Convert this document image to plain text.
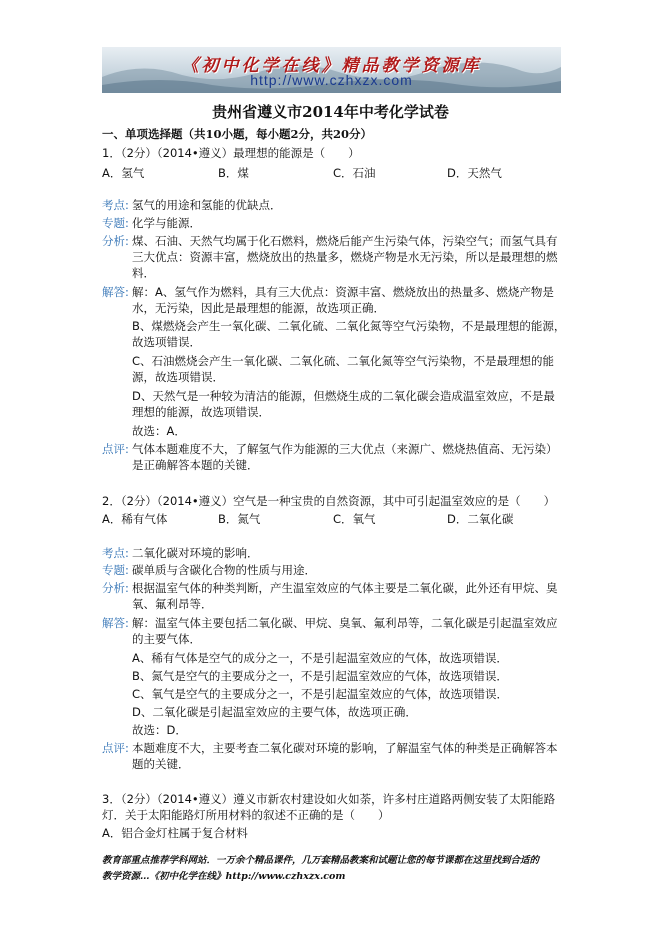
《初中化学在线》精品教学资源库
http://www.czhxzx.com
贵州省遵义市2014年中考化学试卷
一、单项选择题（共10小题，每小题2分，共20分）
1．（2分）（2014•遵义）最理想的能源是（　　）
A．氢气	B．煤	C．石油	D．天然气
考点: 氢气的用途和氢能的优缺点．
专题: 化学与能源．
分析: 煤、石油、天然气均属于化石燃料，燃烧后能产生污染气体，污染空气；而氢气具有
三大优点：资源丰富，燃烧放出的热量多，燃烧产物是水无污染，所以是最理想的燃
料．
解答: 解：A、氢气作为燃料，具有三大优点：资源丰富、燃烧放出的热量多、燃烧产物是
水，无污染，因此是最理想的能源，故选项正确．
B、煤燃烧会产生一氧化碳、二氧化硫、二氧化氮等空气污染物，不是最理想的能源，
故选项错误．
C、石油燃烧会产生一氧化碳、二氧化硫、二氧化氮等空气污染物，不是最理想的能
源，故选项错误．
D、天然气是一种较为清洁的能源，但燃烧生成的二氧化碳会造成温室效应，不是最
理想的能源，故选项错误．
故选：A．
点评: 气体本题难度不大，了解氢气作为能源的三大优点（来源广、燃烧热值高、无污染）
是正确解答本题的关键．
2．（2分）（2014•遵义）空气是一种宝贵的自然资源，其中可引起温室效应的是（　　）
A．稀有气体	B．氮气	C．氧气	D．二氧化碳
考点: 二氧化碳对环境的影响．
专题: 碳单质与含碳化合物的性质与用途．
分析: 根据温室气体的种类判断，产生温室效应的气体主要是二氧化碳，此外还有甲烷、臭
氧、氟利昂等．
解答: 解：温室气体主要包括二氧化碳、甲烷、臭氧、氟利昂等，二氧化碳是引起温室效应
的主要气体．
A、稀有气体是空气的成分之一，不是引起温室效应的气体，故选项错误．
B、氮气是空气的主要成分之一，不是引起温室效应的气体，故选项错误．
C、氧气是空气的主要成分之一，不是引起温室效应的气体，故选项错误．
D、二氧化碳是引起温室效应的主要气体，故选项正确．
故选：D．
点评: 本题难度不大，主要考查二氧化碳对环境的影响，了解温室气体的种类是正确解答本
题的关键．
3．（2分）（2014•遵义）遵义市新农村建设如火如荼，许多村庄道路两侧安装了太阳能路
灯．关于太阳能路灯所用材料的叙述不正确的是（　　）
A．铝合金灯柱属于复合材料
教育部重点推荐学科网站．一万余个精品课件，几万套精品教案和试题让您的每节课都在这里找到合适的
教学资源…《初中化学在线》http://www.czhxzx.com
